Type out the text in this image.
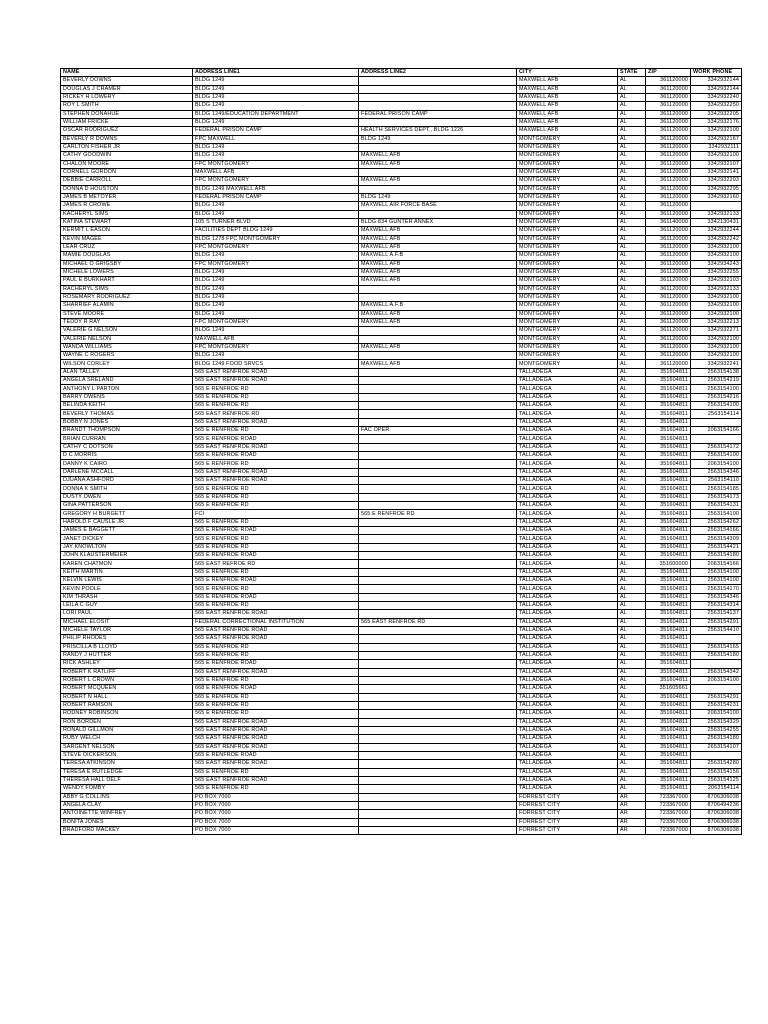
NAME	ADDRESS LINE1	ADDRESS LINE2	CITY	STATE	ZIP	WORK PHONE
BEVERLY DOWNS	BLDG 1249		MAXWELL AFB	AL	361120000	3342932144
DOUGLAS J CRAMER	BLDG 1249		MAXWELL AFB	AL	361120000	3342932144
RICKEY H LOWERY	BLDG 1249		MAXWELL AFB	AL	361120000	3342932240
ROY L SMITH	BLDG 1249		MAXWELL AFB	AL	361120000	3342932250
STEPHEN DONAHUE	BLDG 1249/EDUCATION DEPARTMENT	FEDERAL PRISON CAMP	MAXWELL AFB	AL	361120000	3342932205
WILLIAM FRICKE	BLDG 1249		MAXWELL AFB	AL	361120000	3342932176
OSCAR RODRIGUEZ	FEDERAL PRISON CAMP	HEALTH SERVICES DEPT., BLDG 1226	MAXWELL AFB	AL	361120000	3342932100
BEVERLY R DOWNS	FPC MAXWELL	BLDG 1249	MONTGOMERY	AL	361120000	3342932167
CARLTON FISHER JR	BLDG 1249		MONTGOMERY	AL	361120000	3342932111
CATHY GOODWIN	BLDG 1249	MAXWELL AFB	MONTGOMERY	AL	361120000	3342932100
CHALON MOORE	FPC MONTGOMERY	MAXWELL AFB	MONTGOMERY	AL	361120000	3342932107
CORNELL GORDON	MAXWELL AFB		MONTGOMERY	AL	361120000	3342932141
DEBBIE CARROLL	FPC MONTGOMERY	MAXWELL AFB	MONTGOMERY	AL	361120000	3342932203
DONNA D HOUSTON	BLDG 1249 MAXWELL AFB		MONTGOMERY	AL	361120000	3342932295
JAMES B METOYER	FEDERAL PRISON CAMP	BLDG 1249	MONTGOMERY	AL	361120000	3342932160
JAMES R CROWE	BLDG 1249	MAXWELL AIR FORCE BASE	MONTGOMERY	AL	361120000	
KACHERYL SIMS	BLDG 1249		MONTGOMERY	AL	361120000	3342932133
KATINA STEWART	105 S TURNER BLVD	BLDG 834 GUNTER ANNEX	MONTGOMERY	AL	361140000	3342130431
KERMIT L EASON	FACILITIES DEPT BLDG 1249	MAXWELL AFB	MONTGOMERY	AL	361120000	3342932244
KEVIN MAGEE	BLDG 1278 FPC MONTGOMERY	MAXWELL AFB	MONTGOMERY	AL	361120000	3342932242
LEAR CRUZ	FPC MONTGOMERY	MAXWELL AFB	MONTGOMERY	AL	361120000	3342932100
MAMIE DOUGLAS	BLDG 1249	MAXWELL A.F.B	MONTGOMERY	AL	361120000	3342932100
MICHAEL O GRIGSBY	FPC MONTGOMERY	MAXWELL AFB	MONTGOMERY	AL	361120000	3342934243
MICHELE LOWERS	BLDG 1249	MAXWELL AFB	MONTGOMERY	AL	361120000	3342932255
PAUL E BURKHART	BLDG 1249	MAXWELL AFB	MONTGOMERY	AL	361120000	3342932103
RACHERYL SIMS	BLDG 1249		MONTGOMERY	AL	361120000	3342932133
ROSEMARY RODRIGUEZ	BLDG 1249		MONTGOMERY	AL	361120000	3342932100
SHARRIEF ALAMIN	BLDG 1249	MAXWELL A.F.B	MONTGOMERY	AL	361120000	3342932100
STEVE MOORE	BLDG 1249	MAXWELL AFB	MONTGOMERY	AL	361120000	3342932100
TEDDY R RAY	FPC MONTGOMERY	MAXWELL AFB	MONTGOMERY	AL	361120000	3342932213
VALERIE G NELSON	BLDG 1249		MONTGOMERY	AL	361120000	3342932271
VALERIE NELSON	MAXWELL AFB		MONTGOMERY	AL	361120000	3342932100
WANDA WILLIAMS	FPC MONTGOMERY	MAXWELL AFB	MONTGOMERY	AL	361120000	3342932100
WAYNE C ROGERS	BLDG 1249		MONTGOMERY	AL	361120000	3342932100
WILSON CORLEY	BLDG 1249 FOOD SRVCS	MAXWELL AFB	MONTGOMERY	AL	361120000	3342932241
ALAN TALLEY	565 EAST RENFROE ROAD		TALLADEGA	AL	351604811	2563154138
ANGELA SRELAND	565 EAST RENFROE ROAD		TALLADEGA	AL	351604811	2563154219
ANTHONY L PARTON	565 E RENFROE RD		TALLADEGA	AL	351604811	2563154100
BARRY OWENS	565 E RENFROE RD		TALLADEGA	AL	351604811	2563154216
BELINDA KEITH	565 E RENFROE RD		TALLADEGA	AL	351604811	2563154100
BEVERLY THOMAS	565 EAST RENFROE RD		TALLADEGA	AL	351604811	2563154114
BOBBY N JONES	565 EAST RENFROE ROAD		TALLADEGA	AL	351604811	
BRANDT THOMPSON	565 E RENFROE RD	FAC OPER	TALLADEGA	AL	351604811	2063154166
BRIAN CURRAN	565 E RENFROE ROAD		TALLADEGA	AL	351604811	
CATHY C DOTSON	565 EAST RENFROE ROAD		TALLADEGA	AL	351604811	2563154172
D C MORRIS	565 E RENFROE ROAD		TALLADEGA	AL	351604811	2563154100
DANNY K CAIRO	565 E RENFROE RD		TALLADEGA	AL	351604811	2063154100
DARLENE MCCALL	565 EAST RENFROE ROAD		TALLADEGA	AL	351604811	2563154346
DJUANA ASHFORD	565 EAST RENFROE ROAD		TALLADEGA	AL	351604811	2563154110
DONNA K SMITH	565 E RENFROE RD		TALLADEGA	AL	351604811	2563154185
DUSTY OWEN	565 E RENFROE RD		TALLADEGA	AL	351604811	2563154173
GINA PATTERSON	565 E RENFROE RD		TALLADEGA	AL	351604811	2563154131
GREGORY H BURGETT	FCI	565 E RENFROE RD	TALLADEGA	AL	351604811	2563154100
HAROLD F CAUSLE JR	565 E RENFROE RD		TALLADEGA	AL	351604811	2563154262
JAMES E BAGGETT	565 E RENFROE ROAD		TALLADEGA	AL	351604811	2563154166
JANET DICKEY	565 E RENFROE RD		TALLADEGA	AL	351604811	2563154309
JAY KNOWLTON	565 E RENFROE RD		TALLADEGA	AL	351604811	2563154421
JOHN KLAUSTERMEIER	565 E RENFROE ROAD		TALLADEGA	AL	351604811	2563154180
KAREN CHATMON	565 EAST REFROE RD		TALLADEGA	AL	351600000	2063154166
KEITH MARTIN	565 E RENFROE RD		TALLADEGA	AL	351604811	2563154100
KELVIN LEWIS	565 E RENFROE ROAD		TALLADEGA	AL	351604811	2563154100
KEVIN POOLE	565 E RENFROE RD		TALLADEGA	AL	351604811	2563154170
KIM THRASH	565 E RENFROE ROAD		TALLADEGA	AL	351604811	2563154346
LEILA C GUY	565 E RENFROE RD		TALLADEGA	AL	351604811	2563154314
LORI PAUL	565 EAST RENFROE ROAD		TALLADEGA	AL	351604811	2563154137
MICHAEL ELOSIT	FEDERAL CORRECTIONAL INSTITUTION	565 EAST RENFROE RD	TALLADEGA	AL	351604811	2563154291
MICHELE TAYLOR	565 EAST RENFROE ROAD		TALLADEGA	AL	351604811	2563154410
PHILIP RHODES	565 EAST RENFROE ROAD		TALLADEGA	AL	351604811	
PRISCILLA B LLOYD	565 E RENFROE RD		TALLADEGA	AL	351604811	2563154165
RANDY J HUTTER	565 E RENFROE RD		TALLADEGA	AL	351604811	2563154180
RICK ASHLEY	565 E RENFROE ROAD		TALLADEGA	AL	351604811	
ROBERT K RATLIFF	565 EAST RENFROE ROAD		TALLADEGA	AL	351604811	2563154342
ROBERT L CROWN	565 E RENFROE RD		TALLADEGA	AL	351604811	2063154100
ROBERT MCQUEEN	668 E RENFROE ROAD		TALLADEGA	AL	351605661	
ROBERT N HALL	565 E RENFROE RD		TALLADEGA	AL	351604811	2563154291
ROBERT RAMSON	565 E RENFROE RD		TALLADEGA	AL	351604811	2563154231
RODNEY ROBINSON	565 E RENFROE RD		TALLADEGA	AL	351604811	2063154100
RON BORDEN	565 EAST RENFROE ROAD		TALLADEGA	AL	351604811	2563154329
RONALD GILLMON	565 EAST RENFROE ROAD		TALLADEGA	AL	351604811	2563154255
RUBY WELCH	565 EAST RENFROE ROAD		TALLADEGA	AL	351604811	2563154180
SARGENT NELSON	565 EAST RENFROE ROAD		TALLADEGA	AL	351604811	2653154107
STEVE DICKERSON	565 E RENFROE ROAD		TALLADEGA	AL	351604811	
TERESA ATKINSON	565 EAST RENFROE ROAD		TALLADEGA	AL	351604811	2563154280
TERESA E RUTLEDGE	565 E RENFROE RD		TALLADEGA	AL	351604811	2563154156
THERESA HALL DELF	565 EAST RENFROE ROAD		TALLADEGA	AL	351604811	2563154125
WENDY FOMBY	565 E RENFROE RD		TALLADEGA	AL	351604811	2063154114
ABBY G COLLINS	PO BOX 7000		FORREST CITY	AR	723367000	8706306038
ANGELA CLAY	PO BOX 7000		FORREST CITY	AR	723367000	8706494236
ANTOINETTE WINFREY	PO BOX 7000		FORREST CITY	AR	723367000	8706306038
BONITA JONES	PO BOX 7000		FORREST CITY	AR	723367000	8706306038
BRADFORD MACKEY	PO BOX 7000		FORREST CITY	AR	723367000	8706306038
